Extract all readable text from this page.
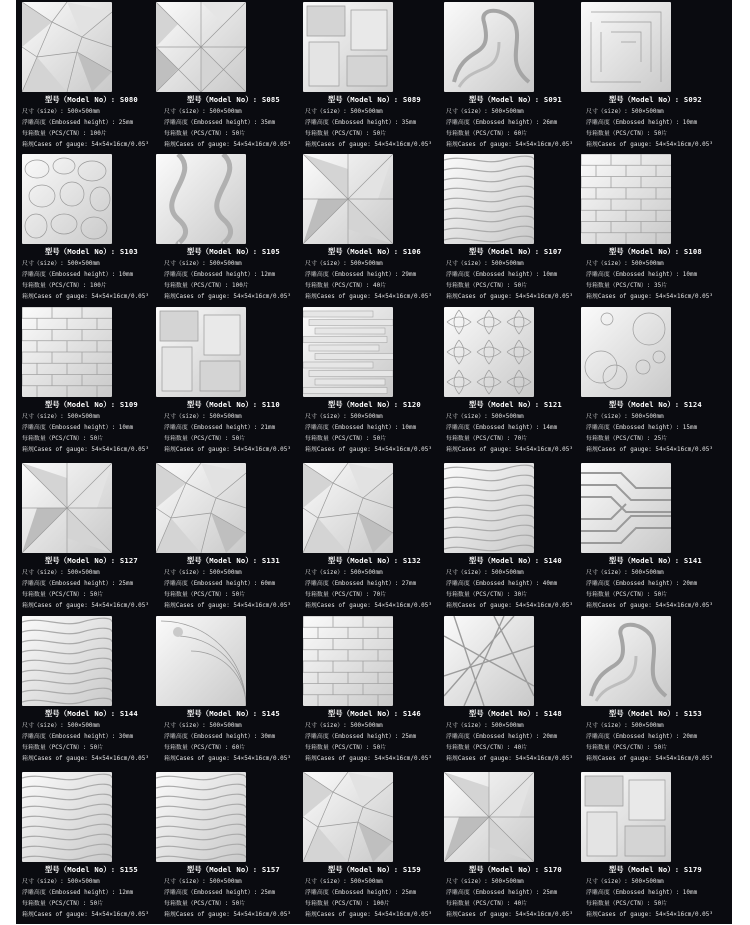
型号（Model No）: S080
尺寸（size）: 500×500mm
浮雕高度（Embossed height）: 25mm
每箱数量（PCS/CTN）: 100片
箱规Cases of gauge: 54×54×16cm/0.05³
型号（Model No）: S085
尺寸（size）: 500×500mm
浮雕高度（Embossed height）: 35mm
每箱数量（PCS/CTN）: 50片
箱规Cases of gauge: 54×54×16cm/0.05³
型号（Model No）: S089
尺寸（size）: 500×500mm
浮雕高度（Embossed height）: 35mm
每箱数量（PCS/CTN）: 50片
箱规Cases of gauge: 54×54×16cm/0.05³
型号（Model No）: S091
尺寸（size）: 500×500mm
浮雕高度（Embossed height）: 26mm
每箱数量（PCS/CTN）: 60片
箱规Cases of gauge: 54×54×16cm/0.05³
型号（Model No）: S092
尺寸（size）: 500×500mm
浮雕高度（Embossed height）: 10mm
每箱数量（PCS/CTN）: 50片
箱规Cases of gauge: 54×54×16cm/0.05³
型号（Model No）: S103
尺寸（size）: 500×500mm
浮雕高度（Embossed height）: 10mm
每箱数量（PCS/CTN）: 100片
箱规Cases of gauge: 54×54×16cm/0.05³
型号（Model No）: S105
尺寸（size）: 500×500mm
浮雕高度（Embossed height）: 12mm
每箱数量（PCS/CTN）: 100片
箱规Cases of gauge: 54×54×16cm/0.05³
型号（Model No）: S106
尺寸（size）: 500×500mm
浮雕高度（Embossed height）: 29mm
每箱数量（PCS/CTN）: 40片
箱规Cases of gauge: 54×54×16cm/0.05³
型号（Model No）: S107
尺寸（size）: 500×500mm
浮雕高度（Embossed height）: 10mm
每箱数量（PCS/CTN）: 50片
箱规Cases of gauge: 54×54×16cm/0.05³
型号（Model No）: S108
尺寸（size）: 500×500mm
浮雕高度（Embossed height）: 10mm
每箱数量（PCS/CTN）: 35片
箱规Cases of gauge: 54×54×16cm/0.05³
型号（Model No）: S109
尺寸（size）: 500×500mm
浮雕高度（Embossed height）: 10mm
每箱数量（PCS/CTN）: 50片
箱规Cases of gauge: 54×54×16cm/0.05³
型号（Model No）: S110
尺寸（size）: 500×500mm
浮雕高度（Embossed height）: 21mm
每箱数量（PCS/CTN）: 50片
箱规Cases of gauge: 54×54×16cm/0.05³
型号（Model No）: S120
尺寸（size）: 500×500mm
浮雕高度（Embossed height）: 10mm
每箱数量（PCS/CTN）: 50片
箱规Cases of gauge: 54×54×16cm/0.05³
型号（Model No）: S121
尺寸（size）: 500×500mm
浮雕高度（Embossed height）: 14mm
每箱数量（PCS/CTN）: 70片
箱规Cases of gauge: 54×54×16cm/0.05³
型号（Model No）: S124
尺寸（size）: 500×500mm
浮雕高度（Embossed height）: 15mm
每箱数量（PCS/CTN）: 25片
箱规Cases of gauge: 54×54×16cm/0.05³
型号（Model No）: S127
尺寸（size）: 500×500mm
浮雕高度（Embossed height）: 25mm
每箱数量（PCS/CTN）: 50片
箱规Cases of gauge: 54×54×16cm/0.05³
型号（Model No）: S131
尺寸（size）: 500×500mm
浮雕高度（Embossed height）: 60mm
每箱数量（PCS/CTN）: 50片
箱规Cases of gauge: 54×54×16cm/0.05³
型号（Model No）: S132
尺寸（size）: 500×500mm
浮雕高度（Embossed height）: 27mm
每箱数量（PCS/CTN）: 70片
箱规Cases of gauge: 54×54×16cm/0.05³
型号（Model No）: S140
尺寸（size）: 500×500mm
浮雕高度（Embossed height）: 40mm
每箱数量（PCS/CTN）: 30片
箱规Cases of gauge: 54×54×16cm/0.05³
型号（Model No）: S141
尺寸（size）: 500×500mm
浮雕高度（Embossed height）: 20mm
每箱数量（PCS/CTN）: 50片
箱规Cases of gauge: 54×54×16cm/0.05³
型号（Model No）: S144
尺寸（size）: 500×500mm
浮雕高度（Embossed height）: 30mm
每箱数量（PCS/CTN）: 50片
箱规Cases of gauge: 54×54×16cm/0.05³
型号（Model No）: S145
尺寸（size）: 500×500mm
浮雕高度（Embossed height）: 30mm
每箱数量（PCS/CTN）: 60片
箱规Cases of gauge: 54×54×16cm/0.05³
型号（Model No）: S146
尺寸（size）: 500×500mm
浮雕高度（Embossed height）: 25mm
每箱数量（PCS/CTN）: 50片
箱规Cases of gauge: 54×54×16cm/0.05³
型号（Model No）: S148
尺寸（size）: 500×500mm
浮雕高度（Embossed height）: 20mm
每箱数量（PCS/CTN）: 40片
箱规Cases of gauge: 54×54×16cm/0.05³
型号（Model No）: S153
尺寸（size）: 500×500mm
浮雕高度（Embossed height）: 20mm
每箱数量（PCS/CTN）: 50片
箱规Cases of gauge: 54×54×16cm/0.05³
型号（Model No）: S155
尺寸（size）: 500×500mm
浮雕高度（Embossed height）: 12mm
每箱数量（PCS/CTN）: 50片
箱规Cases of gauge: 54×54×16cm/0.05³
型号（Model No）: S157
尺寸（size）: 500×500mm
浮雕高度（Embossed height）: 25mm
每箱数量（PCS/CTN）: 50片
箱规Cases of gauge: 54×54×16cm/0.05³
型号（Model No）: S159
尺寸（size）: 500×500mm
浮雕高度（Embossed height）: 25mm
每箱数量（PCS/CTN）: 100片
箱规Cases of gauge: 54×54×16cm/0.05³
型号（Model No）: S170
尺寸（size）: 500×500mm
浮雕高度（Embossed height）: 25mm
每箱数量（PCS/CTN）: 40片
箱规Cases of gauge: 54×54×16cm/0.05³
型号（Model No）: S179
尺寸（size）: 500×500mm
浮雕高度（Embossed height）: 10mm
每箱数量（PCS/CTN）: 50片
箱规Cases of gauge: 54×54×16cm/0.05³
